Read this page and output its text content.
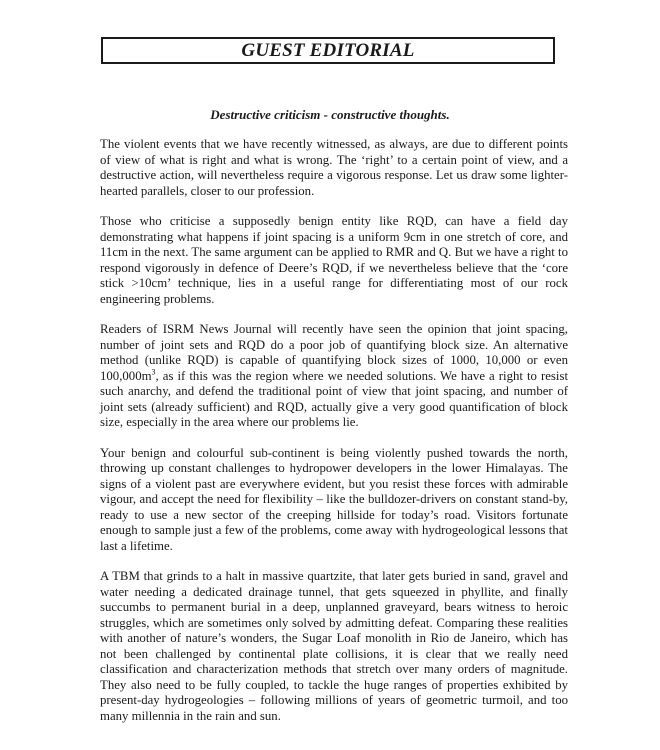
GUEST EDITORIAL
Destructive criticism - constructive thoughts.

The violent events that we have recently witnessed, as always, are due to different points of view of what is right and what is wrong. The ‘right’ to a certain point of view, and a destructive action, will nevertheless require a vigorous response. Let us draw some lighter-hearted parallels, closer to our profession.

Those who criticise a supposedly benign entity like RQD, can have a field day demonstrating what happens if joint spacing is a uniform 9cm in one stretch of core, and 11cm in the next. The same argument can be applied to RMR and Q. But we have a right to respond vigorously in defence of Deere’s RQD, if we nevertheless believe that the ‘core stick >10cm’ technique, lies in a useful range for differentiating most of our rock engineering problems.

Readers of ISRM News Journal will recently have seen the opinion that joint spacing, number of joint sets and RQD do a poor job of quantifying block size. An alternative method (unlike RQD) is capable of quantifying block sizes of 1000, 10,000 or even $100,000m^3$, as if this was the region where we needed solutions. We have a right to resist such anarchy, and defend the traditional point of view that joint spacing, and number of joint sets (already sufficient) and RQD, actually give a very good quantification of block size, especially in the area where our problems lie.

Your benign and colourful sub-continent is being violently pushed towards the north, throwing up constant challenges to hydropower developers in the lower Himalayas. The signs of a violent past are everywhere evident, but you resist these forces with admirable vigour, and accept the need for flexibility – like the bulldozer-drivers on constant stand-by, ready to use a new sector of the creeping hillside for today’s road. Visitors fortunate enough to sample just a few of the problems, come away with hydrogeological lessons that last a lifetime.

A TBM that grinds to a halt in massive quartzite, that later gets buried in sand, gravel and water needing a dedicated drainage tunnel, that gets squeezed in phyllite, and finally succumbs to permanent burial in a deep, unplanned graveyard, bears witness to heroic struggles, which are sometimes only solved by admitting defeat. Comparing these realities with another of nature’s wonders, the Sugar Loaf monolith in Rio de Janeiro, which has not been challenged by continental plate collisions, it is clear that we really need classification and characterization methods that stretch over many orders of magnitude. They also need to be fully coupled, to tackle the huge ranges of properties exhibited by present-day hydrogeologies – following millions of years of geometric turmoil, and too many millennia in the rain and sun.
